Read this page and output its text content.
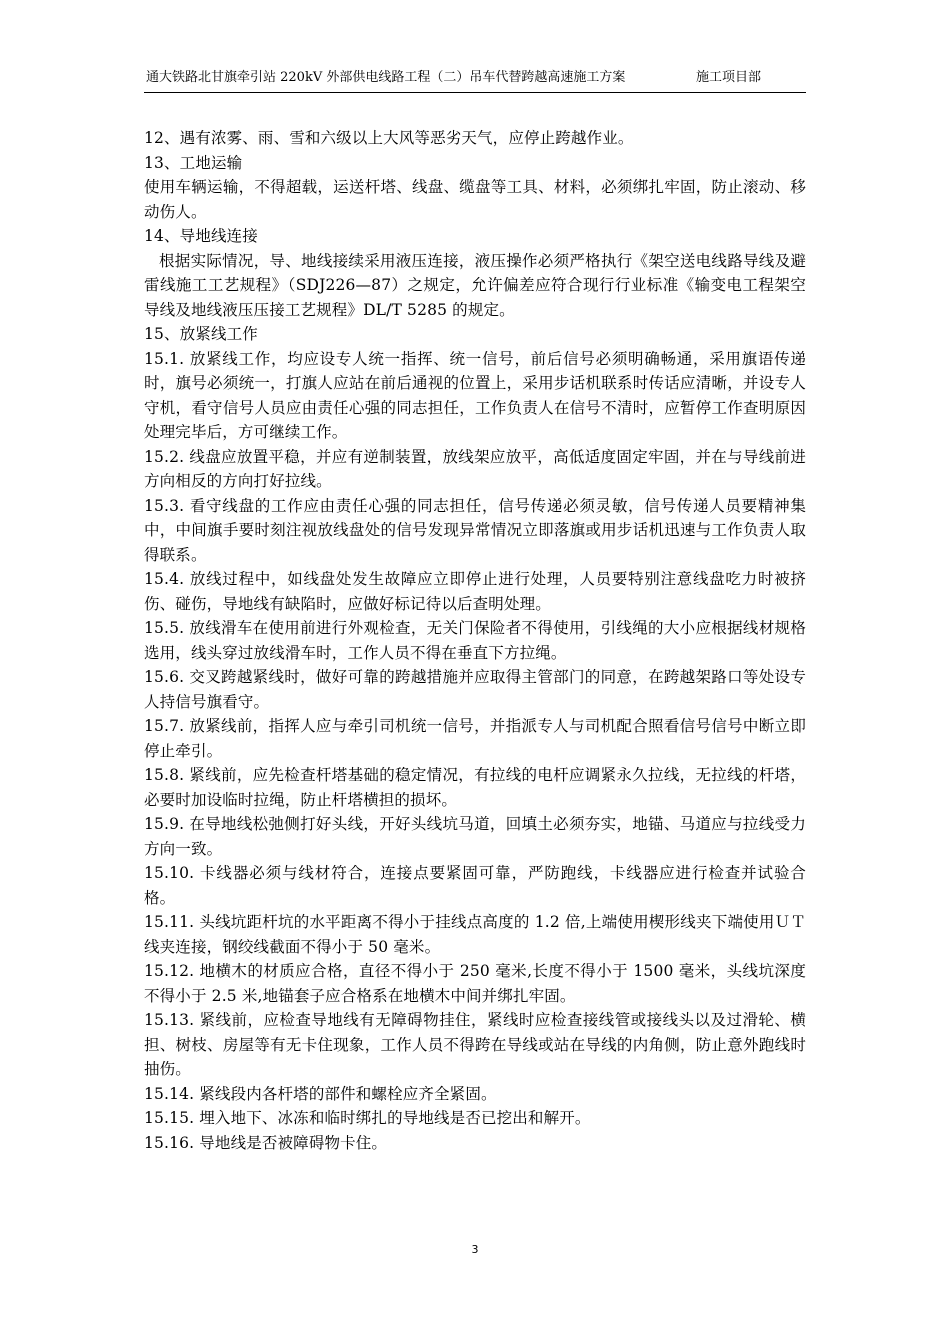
通大铁路北甘旗牵引站 220kV 外部供电线路工程（二）吊车代替跨越高速施工方案	施工项目部

12、遇有浓雾、雨、雪和六级以上大风等恶劣天气，应停止跨越作业。

13、工地运输

使用车辆运输，不得超载，运送杆塔、线盘、缆盘等工具、材料，必须绑扎牢固，防止滚动、移动伤人。

14、导地线连接

根据实际情况，导、地线接续采用液压连接，液压操作必须严格执行《架空送电线路导线及避雷线施工工艺规程》（SDJ226—87）之规定，允许偏差应符合现行行业标准《输变电工程架空导线及地线液压压接工艺规程》DL/T 5285 的规定。

15、放紧线工作

15.1. 放紧线工作，均应设专人统一指挥、统一信号，前后信号必须明确畅通，采用旗语传递时，旗号必须统一，打旗人应站在前后通视的位置上，采用步话机联系时传话应清晰，并设专人守机，看守信号人员应由责任心强的同志担任，工作负责人在信号不清时，应暂停工作查明原因处理完毕后，方可继续工作。

15.2. 线盘应放置平稳，并应有逆制装置，放线架应放平，高低适度固定牢固，并在与导线前进方向相反的方向打好拉线。

15.3. 看守线盘的工作应由责任心强的同志担任，信号传递必须灵敏，信号传递人员要精神集中，中间旗手要时刻注视放线盘处的信号发现异常情况立即落旗或用步话机迅速与工作负责人取得联系。

15.4. 放线过程中，如线盘处发生故障应立即停止进行处理，人员要特别注意线盘吃力时被挤伤、碰伤，导地线有缺陷时，应做好标记待以后查明处理。

15.5. 放线滑车在使用前进行外观检查，无关门保险者不得使用，引线绳的大小应根据线材规格选用，线头穿过放线滑车时，工作人员不得在垂直下方拉绳。

15.6. 交叉跨越紧线时，做好可靠的跨越措施并应取得主管部门的同意，在跨越架路口等处设专人持信号旗看守。

15.7. 放紧线前，指挥人应与牵引司机统一信号，并指派专人与司机配合照看信号信号中断立即停止牵引。

15.8. 紧线前，应先检查杆塔基础的稳定情况，有拉线的电杆应调紧永久拉线，无拉线的杆塔，必要时加设临时拉绳，防止杆塔横担的损坏。

15.9. 在导地线松弛侧打好头线，开好头线坑马道，回填土必须夯实，地锚、马道应与拉线受力方向一致。

15.10. 卡线器必须与线材符合，连接点要紧固可靠，严防跑线，卡线器应进行检查并试验合格。

15.11. 头线坑距杆坑的水平距离不得小于挂线点高度的 1.2 倍,上端使用楔形线夹下端使用ＵＴ线夹连接，钢绞线截面不得小于 50 毫米。

15.12. 地横木的材质应合格，直径不得小于 250 毫米,长度不得小于 1500 毫米，头线坑深度不得小于 2.5 米,地锚套子应合格系在地横木中间并绑扎牢固。

15.13. 紧线前，应检查导地线有无障碍物挂住，紧线时应检查接线管或接线头以及过滑轮、横担、树枝、房屋等有无卡住现象，工作人员不得跨在导线或站在导线的内角侧，防止意外跑线时抽伤。

15.14. 紧线段内各杆塔的部件和螺栓应齐全紧固。

15.15. 埋入地下、冰冻和临时绑扎的导地线是否已挖出和解开。

15.16. 导地线是否被障碍物卡住。

3
